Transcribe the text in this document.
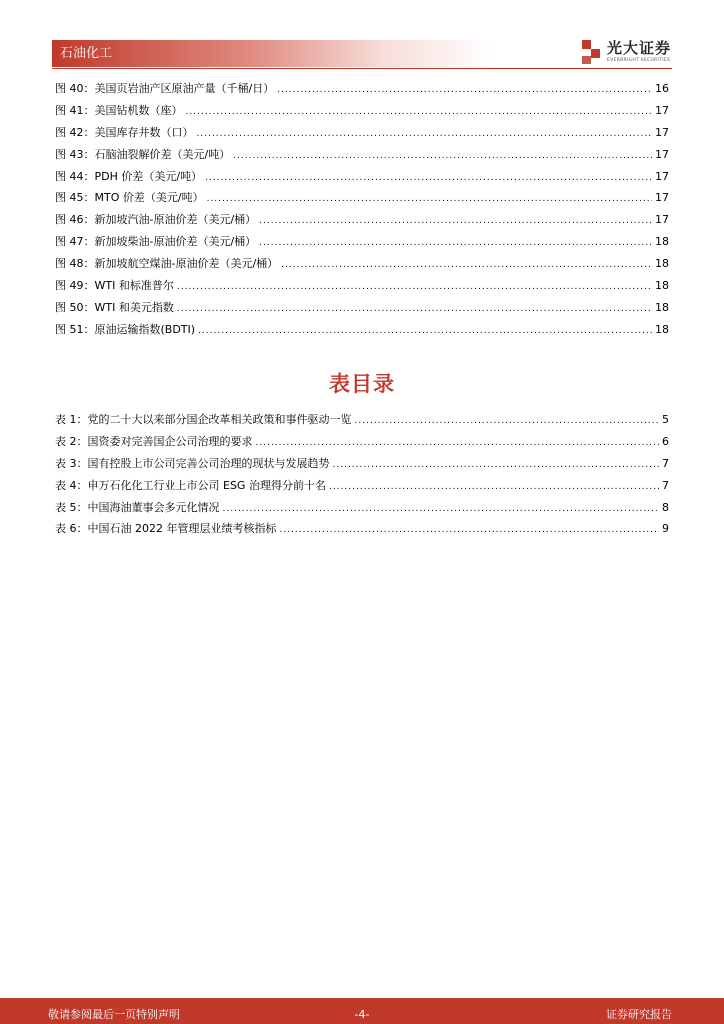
石油化工	光大证券
EVERBRIGHT SECURITIES
图 40：美国页岩油产区原油产量（千桶/日） .....	16
图 41：美国钻机数（座） .....	17
图 42：美国库存井数（口） .....	17
图 43：石脑油裂解价差（美元/吨） .....	17
图 44：PDH 价差（美元/吨） .....	17
图 45：MTO 价差（美元/吨） .....	17
图 46：新加坡汽油-原油价差（美元/桶） .....	17
图 47：新加坡柴油-原油价差（美元/桶） .....	18
图 48：新加坡航空煤油-原油价差（美元/桶） .....	18
图 49：WTI 和标准普尔 .....	18
图 50：WTI 和美元指数 .....	18
图 51：原油运输指数(BDTI) .....	18
表目录
表 1：党的二十大以来部分国企改革相关政策和事件驱动一览 .....	5
表 2：国资委对完善国企公司治理的要求 .....	6
表 3：国有控股上市公司完善公司治理的现状与发展趋势 .....	7
表 4：申万石化化工行业上市公司 ESG 治理得分前十名 .....	7
表 5：中国海油董事会多元化情况 .....	8
表 6：中国石油 2022 年管理层业绩考核指标 .....	9
敬请参阅最后一页特别声明	-4-	证券研究报告
